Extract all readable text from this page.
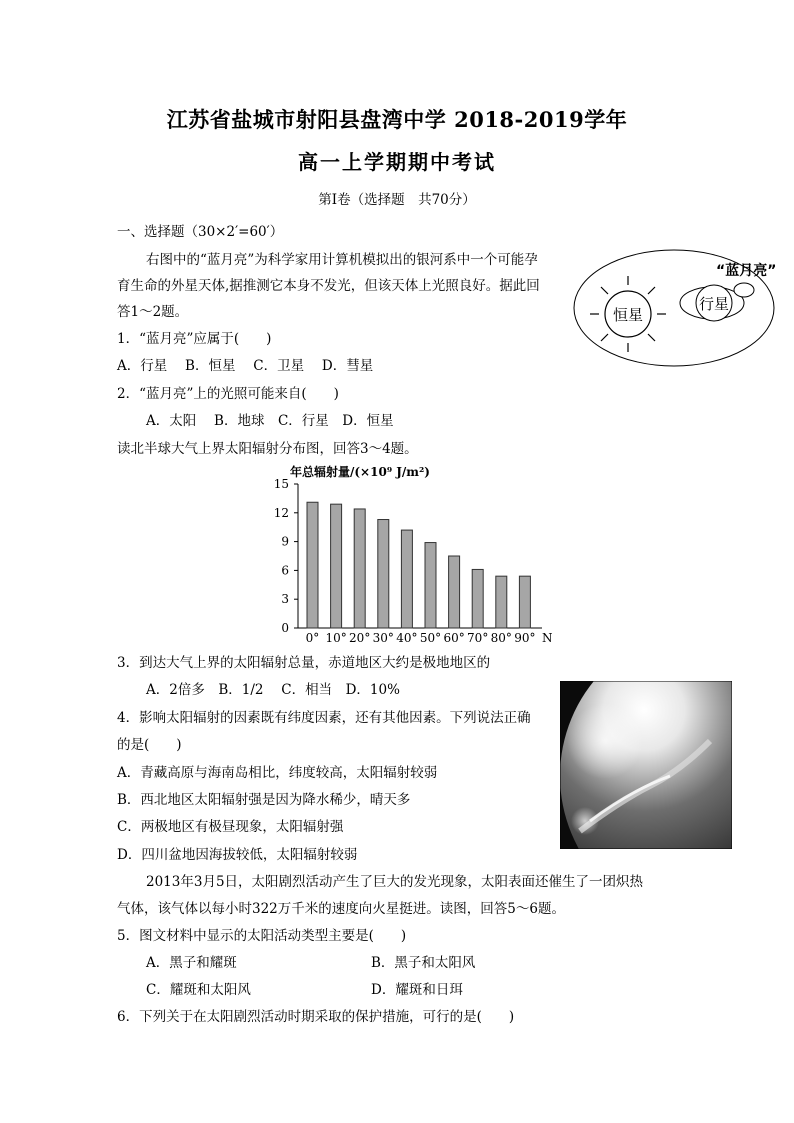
江苏省盐城市射阳县盘湾中学 2018-2019学年
高一上学期期中考试
第Ⅰ卷（选择题　共70分）
一、选择题（30×2′=60′）
右图中的“蓝月亮”为科学家用计算机模拟出的银河系中一个可能孕
育生命的外星天体,据推测它本身不发光，但该天体上光照良好。据此回
答1～2题。	恒星
行星
“蓝月亮”
1．“蓝月亮”应属于(　　)
A．行星　 B．恒星　 C．卫星　 D．彗星
2．“蓝月亮”上的光照可能来自(　　)
A．太阳　 B．地球　C．行星　D．恒星
读北半球大气上界太阳辐射分布图，回答3～4题。
年总辐射量/(×10⁹ J/m²)
0
3
6
9
12
15
0° 10° 20° 30° 40° 50° 60° 70° 80° 90° N
3．到达大气上界的太阳辐射总量，赤道地区大约是极地地区的
A．2倍多　B．1/2　 C．相当　D．10%
4．影响太阳辐射的因素既有纬度因素，还有其他因素。下列说法正确
的是(　　)
A．青藏高原与海南岛相比，纬度较高，太阳辐射较弱
B．西北地区太阳辐射强是因为降水稀少，晴天多
C．两极地区有极昼现象，太阳辐射强
D．四川盆地因海拔较低，太阳辐射较弱
2013年3月5日，太阳剧烈活动产生了巨大的发光现象，太阳表面还催生了一团炽热
气体，该气体以每小时322万千米的速度向火星挺进。读图，回答5～6题。
5．图文材料中显示的太阳活动类型主要是(　　)
A．黑子和耀斑	B．黑子和太阳风
C．耀斑和太阳风	D．耀斑和日珥
6．下列关于在太阳剧烈活动时期采取的保护措施，可行的是(　　)
